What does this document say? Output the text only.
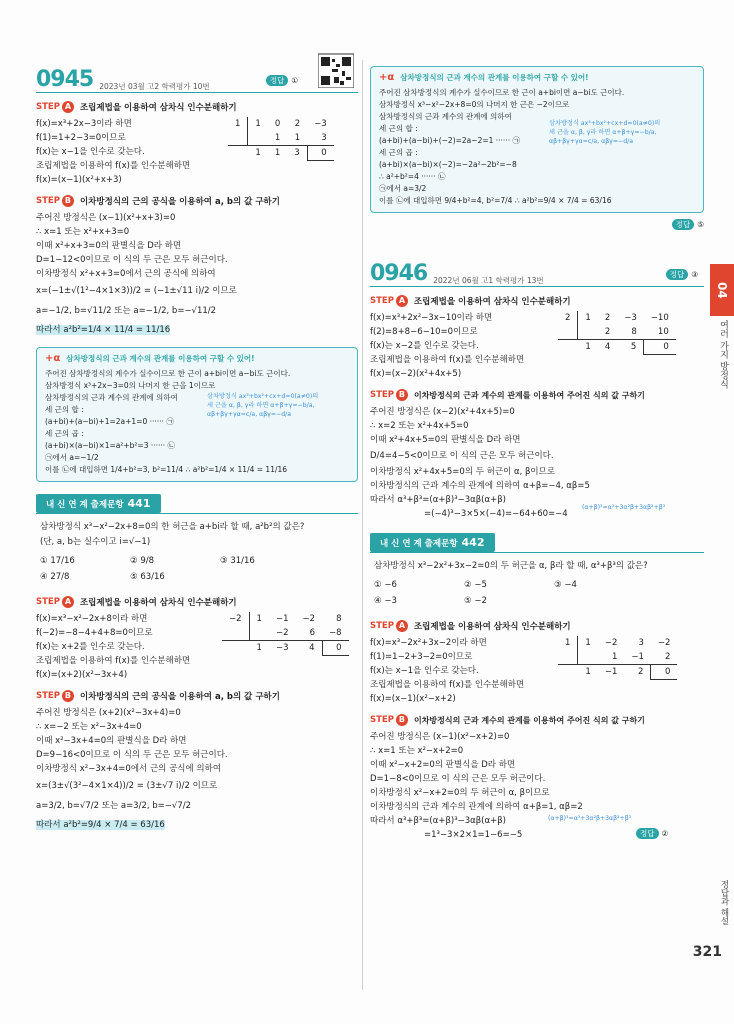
0945 2023년 03월 고2 학력평가 10번
정답 ①
STEP A	조립제법을 이용하여 삼차식 인수분해하기
f(x)=x³+2x−3이라 하면
f(1)=1+2−3=0이므로
f(x)는 x−1을 인수로 갖는다.
조립제법을 이용하여 f(x)를 인수분해하면
f(x)=(x−1)(x²+x+3)
1	1	0	2	−3
		1	1	3
	1	1	3	0
STEP B	이차방정식의 근의 공식을 이용하여 a, b의 값 구하기
주어진 방정식은 (x−1)(x²+x+3)=0
∴ x=1 또는 x²+x+3=0
이때 x²+x+3=0의 판별식을 D라 하면
D=1−12<0이므로 이 식의 두 근은 모두 허근이다.
이차방정식 x²+x+3=0에서 근의 공식에 의하여
x=(−1±√(1²−4×1×3))/2 = (−1±√11 i)/2 이므로
a=−1/2, b=√11/2 또는 a=−1/2, b=−√11/2
따라서 a²b²=1/4 × 11/4 = 11/16
+α 삼차방정식의 근과 계수의 관계를 이용하여 구할 수 있어!
주어진 삼차방정식의 계수가 실수이므로 한 근이 a+bi이면 a−bi도 근이다.
삼차방정식 x³+2x−3=0의 나머지 한 근을 1이므로
삼차방정식의 근과 계수의 관계에 의하여
세 근의 합 :
(a+bi)+(a−bi)+1=2a+1=0 ······ ㉠
세 근의 곱 :
(a+bi)×(a−bi)×1=a²+b²=3 ······ ㉡
㉠에서 a=−1/2
이를 ㉡에 대입하면 1/4+b²=3, b²=11/4 ∴ a²b²=1/4 × 11/4 = 11/16
삼차방정식 ax³+bx²+cx+d=0(a≠0)의
세 근을 α, β, γ라 하면 α+β+γ=−b/a,
αβ+βγ+γα=c/a, αβγ=−d/a
내 신 연 계 출제문항 441
삼차방정식 x³−x²−2x+8=0의 한 허근을 a+bi라 할 때, a²b²의 값은?
(단, a, b는 실수이고 i=√−1)
① 17/16	② 9/8	③ 31/16
④ 27/8	⑤ 63/16
STEP A	조립제법을 이용하여 삼차식 인수분해하기
f(x)=x³−x²−2x+8이라 하면
f(−2)=−8−4+4+8=0이므로
f(x)는 x+2를 인수로 갖는다.
조립제법을 이용하여 f(x)를 인수분해하면
f(x)=(x+2)(x²−3x+4)
−2	1	−1	−2	8
		−2	6	−8
	1	−3	4	0
STEP B	이차방정식의 근의 공식을 이용하여 a, b의 값 구하기
주어진 방정식은 (x+2)(x²−3x+4)=0
∴ x=−2 또는 x²−3x+4=0
이때 x²−3x+4=0의 판별식을 D라 하면
D=9−16<0이므로 이 식의 두 근은 모두 허근이다.
이차방정식 x²−3x+4=0에서 근의 공식에 의하여
x=(3±√(3²−4×1×4))/2 = (3±√7 i)/2 이므로
a=3/2, b=√7/2 또는 a=3/2, b=−√7/2
따라서 a²b²=9/4 × 7/4 = 63/16
+α 삼차방정식의 근과 계수의 관계를 이용하여 구할 수 있어!
주어진 삼차방정식의 계수가 실수이므로 한 근이 a+bi이면 a−bi도 근이다.
삼차방정식 x³−x²−2x+8=0의 나머지 한 근은 −2이므로
삼차방정식의 근과 계수의 관계에 의하여
세 근의 합 :
(a+bi)+(a−bi)+(−2)=2a−2=1 ······ ㉠
세 근의 곱 :
(a+bi)×(a−bi)×(−2)=−2a²−2b²=−8
∴ a²+b²=4 ······ ㉡
㉠에서 a=3/2
이를 ㉡에 대입하면 9/4+b²=4, b²=7/4 ∴ a²b²=9/4 × 7/4 = 63/16
삼차방정식 ax³+bx²+cx+d=0(a≠0)의
세 근을 α, β, γ라 하면 α+β+γ=−b/a,
αβ+βγ+γα=c/a, αβγ=−d/a
정답 ⑤
0946 2022년 06월 고1 학력평가 13번
정답 ③
STEP A	조립제법을 이용하여 삼차식 인수분해하기
f(x)=x³+2x²−3x−10이라 하면
f(2)=8+8−6−10=0이므로
f(x)는 x−2를 인수로 갖는다.
조립제법을 이용하여 f(x)를 인수분해하면
f(x)=(x−2)(x²+4x+5)
2	1	2	−3	−10
		2	8	10
	1	4	5	0
STEP B	이차방정식의 근과 계수의 관계를 이용하여 주어진 식의 값 구하기
주어진 방정식은 (x−2)(x²+4x+5)=0
∴ x=2 또는 x²+4x+5=0
이때 x²+4x+5=0의 판별식을 D라 하면
D/4=4−5<0이므로 이 식의 근은 모두 허근이다.
이차방정식 x²+4x+5=0의 두 허근이 α, β이므로
이차방정식의 근과 계수의 관계에 의하여 α+β=−4, αβ=5
따라서 α³+β³=(α+β)³−3αβ(α+β)
=(−4)³−3×5×(−4)=−64+60=−4
(α+β)³=α³+3α²β+3αβ²+β³
내 신 연 계 출제문항 442
삼차방정식 x³−2x²+3x−2=0의 두 허근을 α, β라 할 때, α³+β³의 값은?
① −6	② −5	③ −4
④ −3	⑤ −2
STEP A	조립제법을 이용하여 삼차식 인수분해하기
f(x)=x³−2x²+3x−2이라 하면
f(1)=1−2+3−2=0이므로
f(x)는 x−1을 인수로 갖는다.
조립제법을 이용하여 f(x)를 인수분해하면
f(x)=(x−1)(x²−x+2)
1	1	−2	3	−2
		1	−1	2
	1	−1	2	0
STEP B	이차방정식의 근과 계수의 관계를 이용하여 주어진 식의 값 구하기
주어진 방정식은 (x−1)(x²−x+2)=0
∴ x=1 또는 x²−x+2=0
이때 x²−x+2=0의 판별식을 D라 하면
D=1−8<0이므로 이 식의 근은 모두 허근이다.
이차방정식 x²−x+2=0의 두 허근이 α, β이므로
이차방정식의 근과 계수의 관계에 의하여 α+β=1, αβ=2
따라서 α³+β³=(α+β)³−3αβ(α+β)
=1³−3×2×1=1−6=−5
(α+β)³=α³+3α²β+3αβ²+β³
정답 ②
04
여러 가지 방정식
정답과 해설
321
